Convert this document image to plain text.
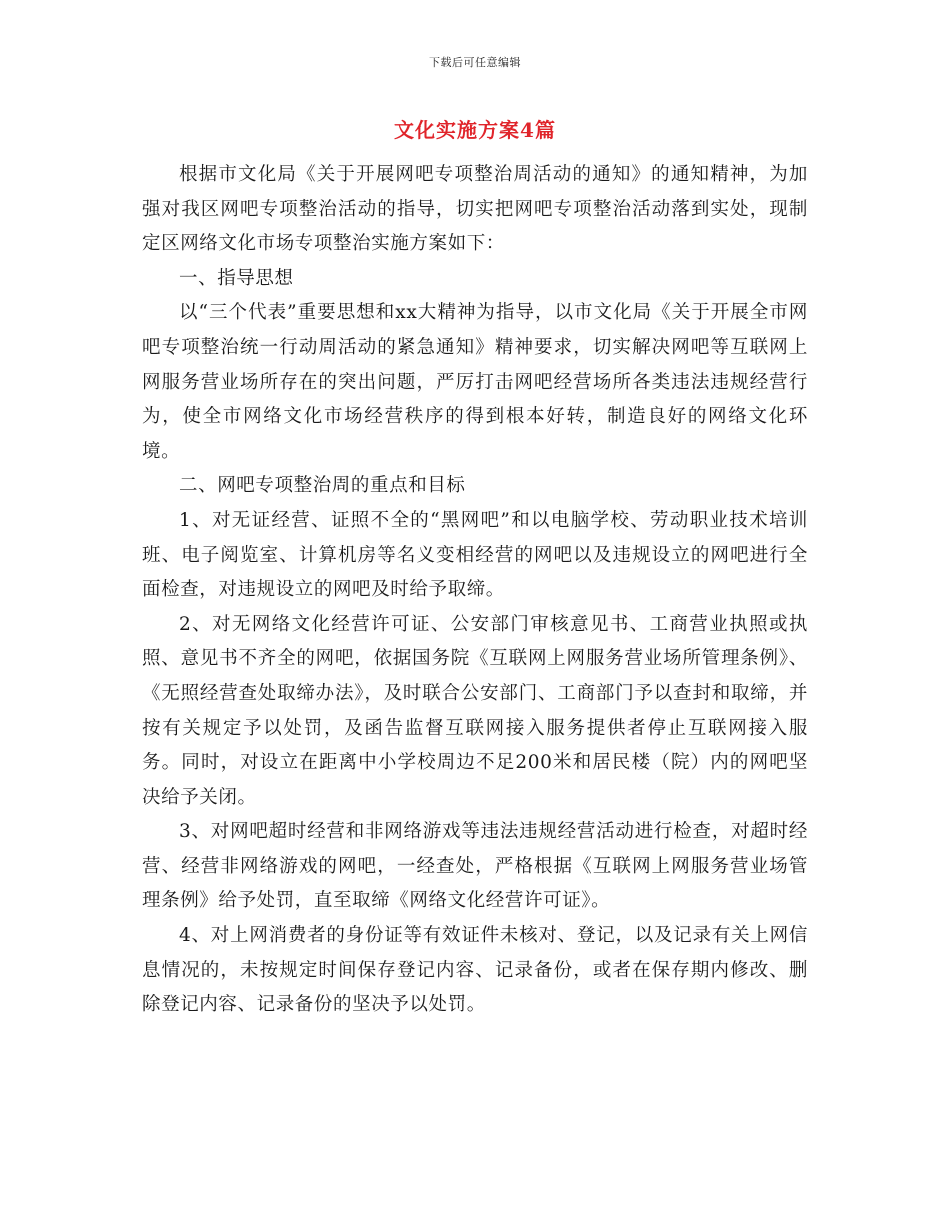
下载后可任意编辑
文化实施方案4篇

根据市文化局《关于开展网吧专项整治周活动的通知》的通知精神，为加强对我区网吧专项整治活动的指导，切实把网吧专项整治活动落到实处，现制定区网络文化市场专项整治实施方案如下：

一、指导思想

以“三个代表”重要思想和xx大精神为指导，以市文化局《关于开展全市网吧专项整治统一行动周活动的紧急通知》精神要求，切实解决网吧等互联网上网服务营业场所存在的突出问题，严厉打击网吧经营场所各类违法违规经营行为，使全市网络文化市场经营秩序的得到根本好转，制造良好的网络文化环境。

二、网吧专项整治周的重点和目标

1、对无证经营、证照不全的“黑网吧”和以电脑学校、劳动职业技术培训班、电子阅览室、计算机房等名义变相经营的网吧以及违规设立的网吧进行全面检查，对违规设立的网吧及时给予取缔。

2、对无网络文化经营许可证、公安部门审核意见书、工商营业执照或执照、意见书不齐全的网吧，依据国务院《互联网上网服务营业场所管理条例》、《无照经营查处取缔办法》，及时联合公安部门、工商部门予以查封和取缔，并按有关规定予以处罚，及函告监督互联网接入服务提供者停止互联网接入服务。同时，对设立在距离中小学校周边不足200米和居民楼（院）内的网吧坚决给予关闭。

3、对网吧超时经营和非网络游戏等违法违规经营活动进行检查，对超时经营、经营非网络游戏的网吧，一经查处，严格根据《互联网上网服务营业场管理条例》给予处罚，直至取缔《网络文化经营许可证》。

4、对上网消费者的身份证等有效证件未核对、登记，以及记录有关上网信息情况的，未按规定时间保存登记内容、记录备份，或者在保存期内修改、删除登记内容、记录备份的坚决予以处罚。
